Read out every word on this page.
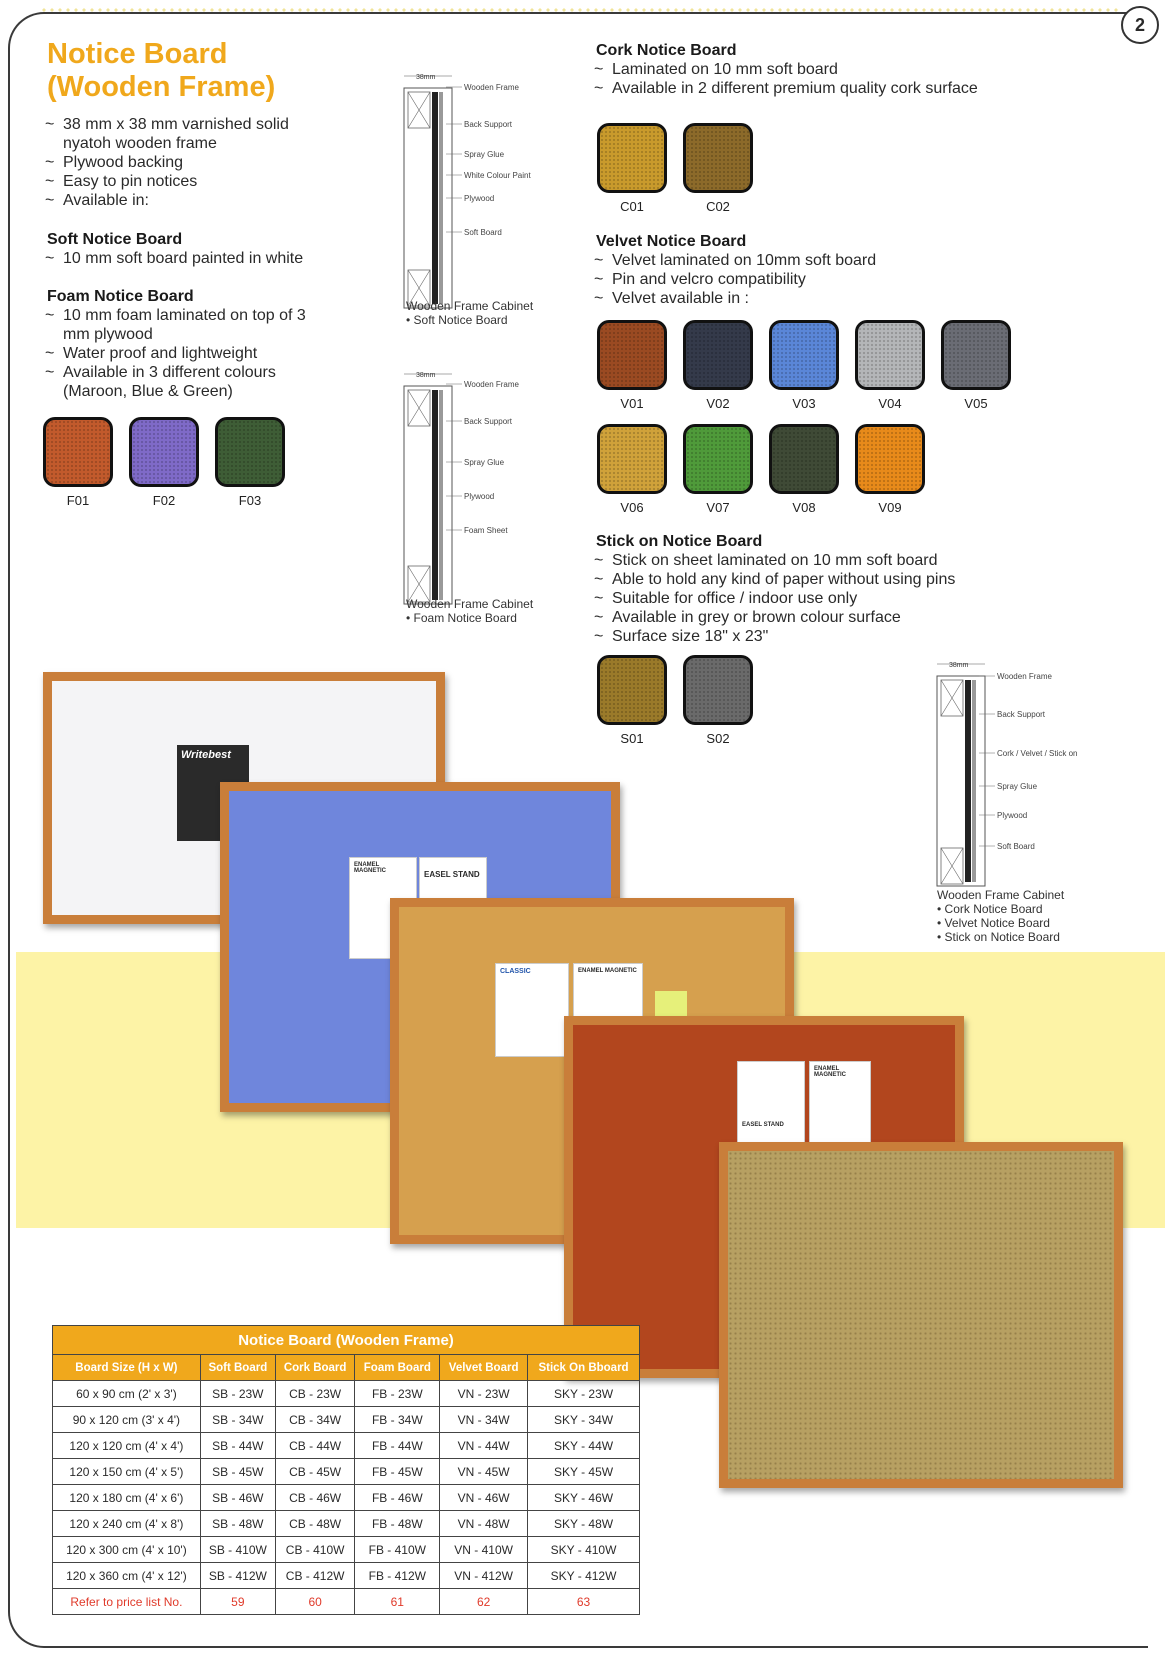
2
Notice Board
(Wooden Frame)
~ 38 mm x 38 mm varnished solid nyatoh wooden frame
~ Plywood backing
~ Easy to pin notices
~ Available in:
Soft Notice Board
~ 10 mm soft board painted in white
Foam Notice Board
~ 10 mm foam laminated on top of 3 mm plywood
~ Water proof and lightweight
~ Available in 3 different colours (Maroon, Blue & Green)
Cork Notice Board
~ Laminated on 10 mm soft board
~ Available in 2 different premium quality cork surface
Velvet Notice Board
~ Velvet laminated on 10mm soft board
~ Pin and velcro compatibility
~ Velvet available in :
Stick on Notice Board
~ Stick on sheet laminated on 10 mm soft board
~ Able to hold any kind of paper without using pins
~ Suitable for office / indoor use only
~ Available in grey or brown colour surface
~ Surface size 18" x 23"
38mm
Wooden Frame
Back Support
Spray Glue
White Colour Paint
Plywood
Soft Board
38mm
Wooden Frame
Back Support
Spray Glue
Plywood
Foam Sheet
38mm
Wooden Frame
Back Support
Cork / Velvet / Stick on
Spray Glue
Plywood
Soft Board
Wooden Frame Cabinet
• Soft Notice Board
Wooden Frame Cabinet
• Foam Notice Board
Wooden Frame Cabinet
• Cork Notice Board
• Velvet Notice Board
• Stick on Notice Board
Writebest
ENAMEL MAGNETIC	EASEL STAND
CLASSIC	ENAMEL MAGNETIC
EASEL STAND
ENAMEL MAGNETIC
Notice Board (Wooden Frame)					
Board Size (H x W)	Soft Board	Cork Board	Foam Board	Velvet Board	Stick On Bboard
60 x 90 cm (2' x 3')	SB - 23W	CB - 23W	FB - 23W	VN - 23W	SKY - 23W
90 x 120 cm (3' x 4')	SB - 34W	CB - 34W	FB - 34W	VN - 34W	SKY - 34W
120 x 120 cm (4' x 4')	SB - 44W	CB - 44W	FB - 44W	VN - 44W	SKY - 44W
120 x 150 cm (4' x 5')	SB - 45W	CB - 45W	FB - 45W	VN - 45W	SKY - 45W
120 x 180 cm (4' x 6')	SB - 46W	CB - 46W	FB - 46W	VN - 46W	SKY - 46W
120 x 240 cm (4' x 8')	SB - 48W	CB - 48W	FB - 48W	VN - 48W	SKY - 48W
120 x 300 cm (4' x 10')	SB - 410W	CB - 410W	FB - 410W	VN - 410W	SKY - 410W
120 x 360 cm (4' x 12')	SB - 412W	CB - 412W	FB - 412W	VN - 412W	SKY - 412W
Refer to price list No.	59	60	61	62	63
F01	F02	F03
C01	C02
V01	V02	V03	V04	V05
V06	V07	V08	V09
S01	S02
